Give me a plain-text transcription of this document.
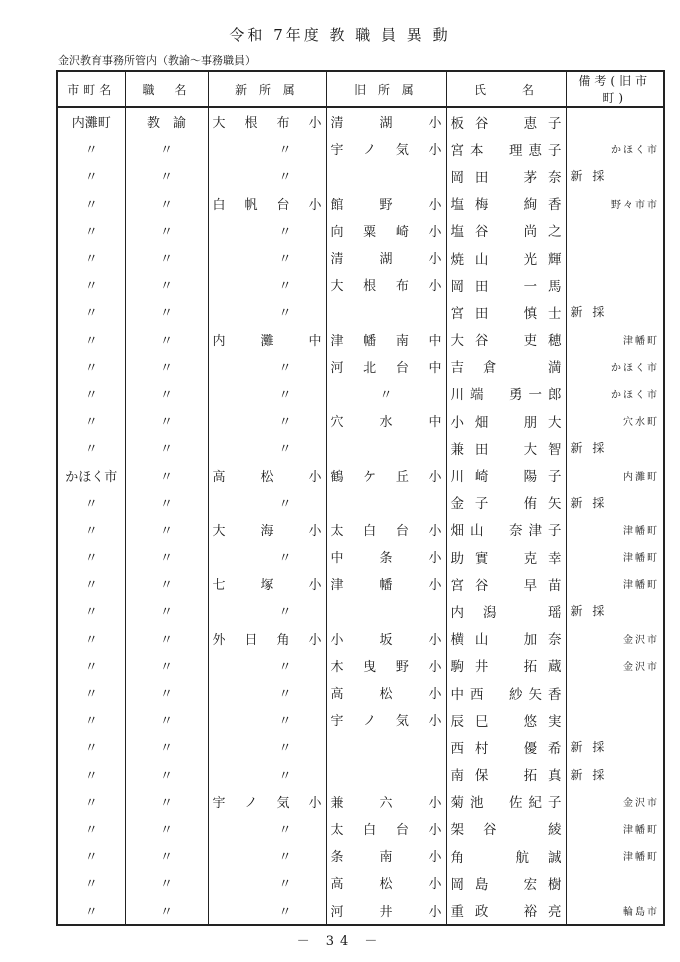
令和 7年度 教 職 員 異 動
金沢教育事務所管内（教諭～事務職員）
市町名	職　名	新 所 属	旧 所 属	氏　　名	備考(旧市町)
内灘町	教　諭	大根布小	清湖小	板谷　恵子	

〃	〃	〃	宇ノ気小	宮本　理恵子	かほく市

〃	〃	〃		岡田　茅奈	新 採

〃	〃	白帆台小	館野小	塩梅　絢香	野々市市

〃	〃	〃	向粟崎小	塩谷　尚之	

〃	〃	〃	清湖小	焼山　光輝	

〃	〃	〃	大根布小	岡田　一馬	

〃	〃	〃		宮田　慎士	新 採

〃	〃	内灘中	津幡南中	大谷　吏穂	津幡町

〃	〃	〃	河北台中	吉倉　満	かほく市

〃	〃	〃	〃	川端　勇一郎	かほく市

〃	〃	〃	穴水中	小畑　朋大	穴水町

〃	〃	〃		兼田　大智	新 採

かほく市	〃	高松小	鶴ケ丘小	川崎　陽子	内灘町

〃	〃	〃		金子　侑矢	新 採

〃	〃	大海小	太白台小	畑山　奈津子	津幡町

〃	〃	〃	中条小	助實　克幸	津幡町

〃	〃	七塚小	津幡小	宮谷　早苗	津幡町

〃	〃	〃		内潟　瑶	新 採

〃	〃	外日角小	小坂小	横山　加奈	金沢市

〃	〃	〃	木曳野小	駒井　拓蔵	金沢市

〃	〃	〃	高松小	中西　紗矢香	

〃	〃	〃	宇ノ気小	辰巳　悠実	

〃	〃	〃		西村　優希	新 採

〃	〃	〃		南保　拓真	新 採

〃	〃	宇ノ気小	兼六小	菊池　佐紀子	金沢市

〃	〃	〃	太白台小	架谷　綾	津幡町

〃	〃	〃	条南小	角　航誠	津幡町

〃	〃	〃	高松小	岡島　宏樹	

〃	〃	〃	河井小	重政　裕亮	輪島市
－ 34 －
